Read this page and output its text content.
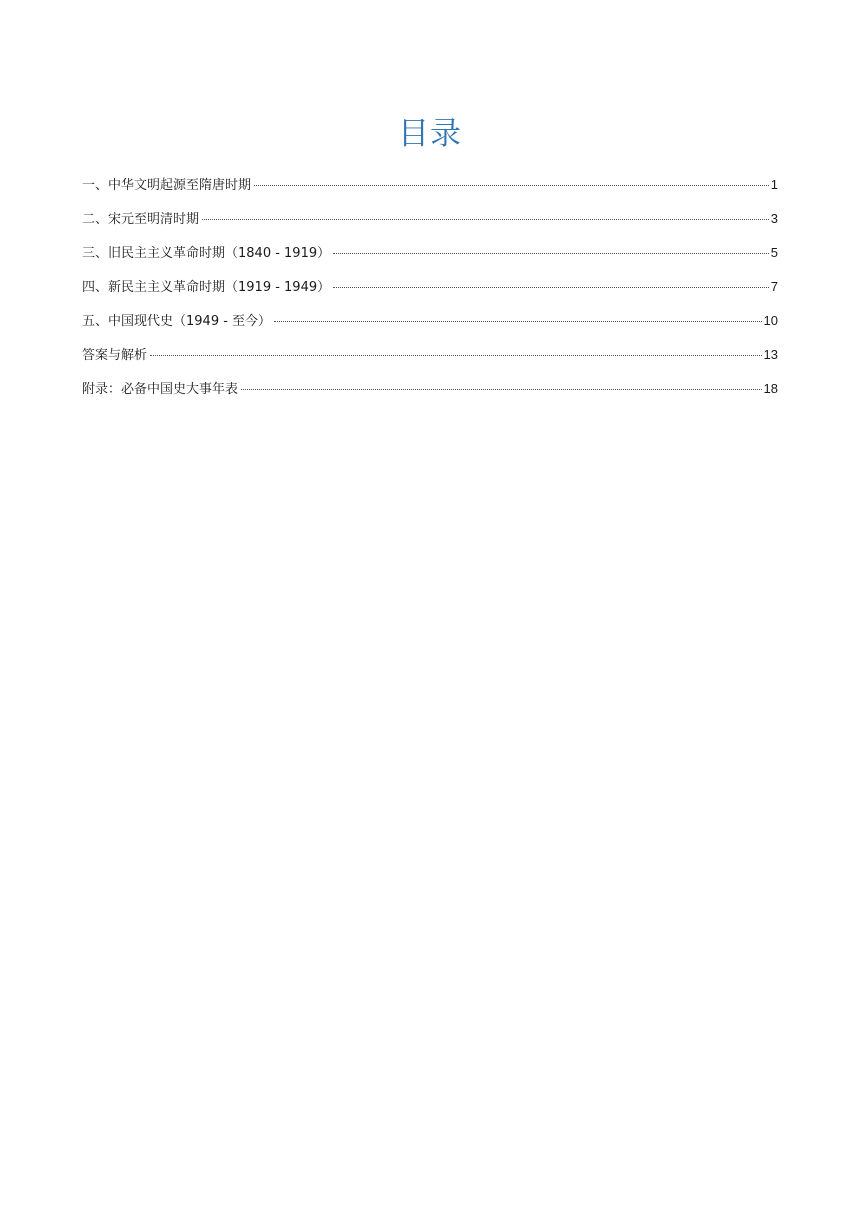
目录
一、中华文明起源至隋唐时期	1
二、宋元至明清时期	3
三、旧民主主义革命时期（1840 - 1919）	5
四、新民主主义革命时期（1919 - 1949）	7
五、中国现代史（1949 - 至今）	10
答案与解析	13
附录：必备中国史大事年表	18
